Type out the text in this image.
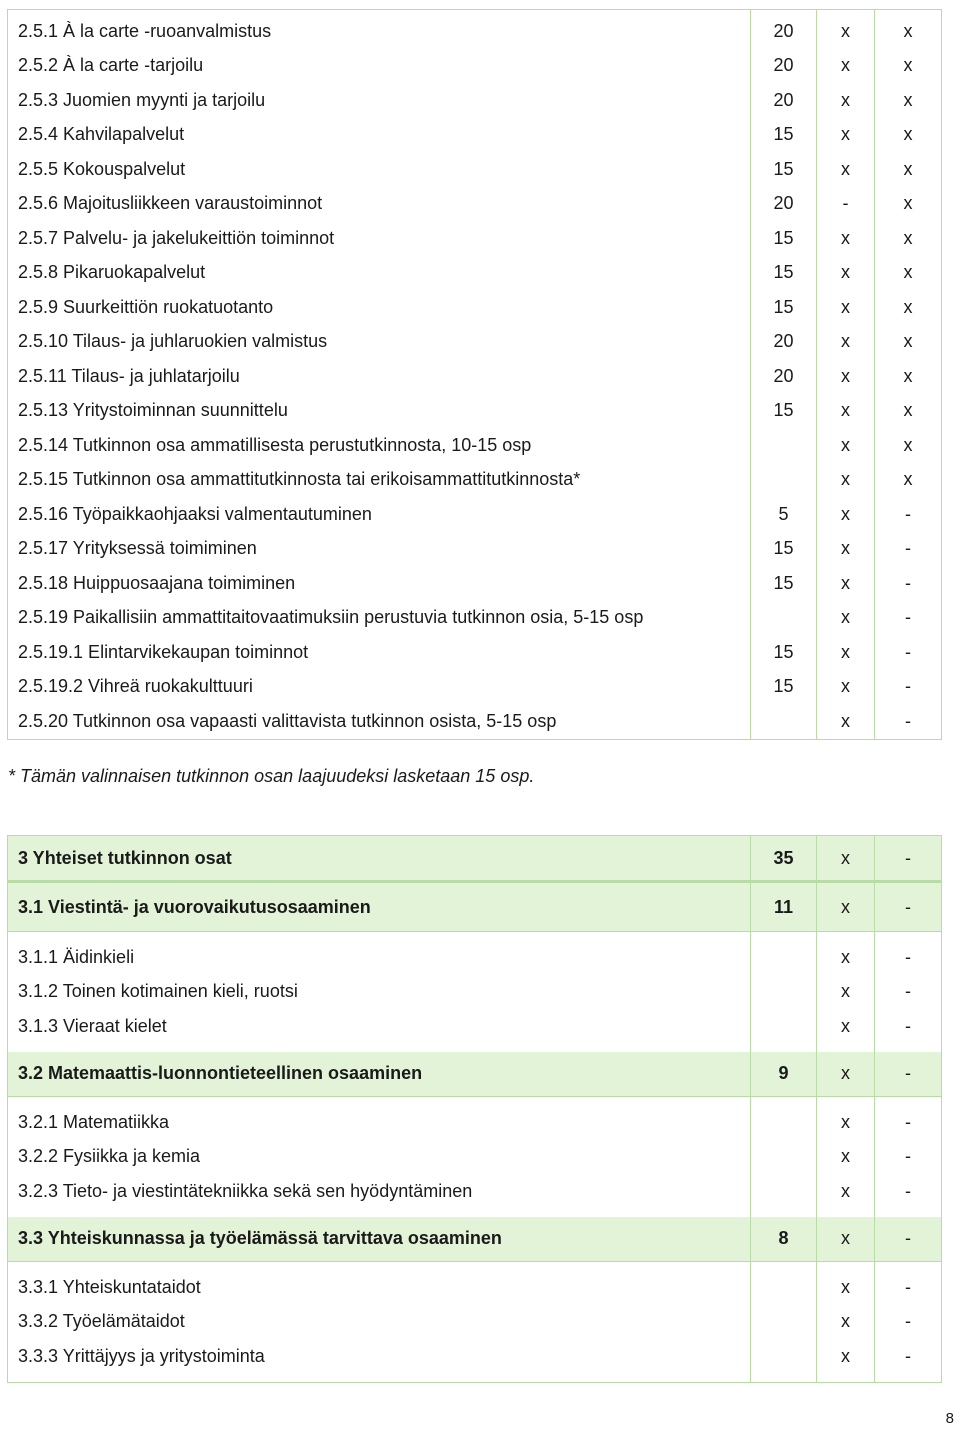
2.5.1 À la carte -ruoanvalmistus	20	x	x
2.5.2 À la carte -tarjoilu	20	x	x
2.5.3 Juomien myynti ja tarjoilu	20	x	x
2.5.4 Kahvilapalvelut	15	x	x
2.5.5 Kokouspalvelut	15	x	x
2.5.6 Majoitusliikkeen varaustoiminnot	20	-	x
2.5.7 Palvelu- ja jakelukeittiön toiminnot	15	x	x
2.5.8 Pikaruokapalvelut	15	x	x
2.5.9 Suurkeittiön ruokatuotanto	15	x	x
2.5.10 Tilaus- ja juhlaruokien valmistus	20	x	x
2.5.11 Tilaus- ja juhlatarjoilu	20	x	x
2.5.13 Yritystoiminnan suunnittelu	15	x	x
2.5.14 Tutkinnon osa ammatillisesta perustutkinnosta, 10-15 osp		x	x
2.5.15 Tutkinnon osa ammattitutkinnosta tai erikoisammattitutkinnosta*		x	x
2.5.16 Työpaikkaohjaaksi valmentautuminen	5	x	-
2.5.17 Yrityksessä toimiminen	15	x	-
2.5.18 Huippuosaajana toimiminen	15	x	-
2.5.19 Paikallisiin ammattitaitovaatimuksiin perustuvia tutkinnon osia, 5-15 osp		x	-
2.5.19.1 Elintarvikekaupan toiminnot	15	x	-
2.5.19.2 Vihreä ruokakulttuuri	15	x	-
2.5.20 Tutkinnon osa vapaasti valittavista tutkinnon osista, 5-15 osp		x	-
* Tämän valinnaisen tutkinnon osan laajuudeksi lasketaan 15 osp.
3 Yhteiset tutkinnon osat	35	x	-
3.1 Viestintä- ja vuorovaikutusosaaminen	11	x	-
3.1.1 Äidinkieli		x	-
3.1.2 Toinen kotimainen kieli, ruotsi		x	-
3.1.3 Vieraat kielet		x	-
3.2 Matemaattis-luonnontieteellinen osaaminen	9	x	-
3.2.1 Matematiikka		x	-
3.2.2 Fysiikka ja kemia		x	-
3.2.3 Tieto- ja viestintätekniikka sekä sen hyödyntäminen		x	-
3.3 Yhteiskunnassa ja työelämässä tarvittava osaaminen	8	x	-
3.3.1 Yhteiskuntataidot		x	-
3.3.2 Työelämätaidot		x	-
3.3.3 Yrittäjyys ja yritystoiminta		x	-
8
